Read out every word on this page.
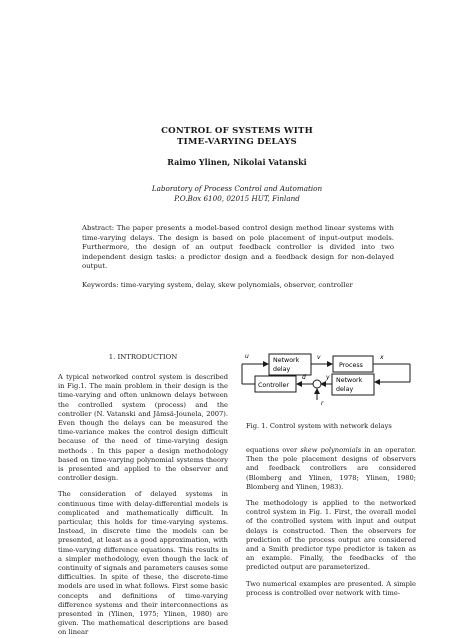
CONTROL OF SYSTEMS WITH
TIME-VARYING DELAYS
Raimo Ylinen, Nikolai Vatanski
Laboratory of Process Control and Automation
P.O.Box 6100, 02015 HUT, Finland
Abstract: The paper presents a model-based control design method linear systems with time-varying delays. The design is based on pole placement of input-output models. Furthermore, the design of an output feedback controller is divided into two independent design tasks: a predictor design and a feedback design for non-delayed output.
Keywords: time-varying system, delay, skew polynomials, observer, controller
1. INTRODUCTION

A typical networked control system is described in Fig.1. The main problem in their design is the time-varying and often unknown delays between the controlled system (process) and the controller (N. Vatanski and Jämsä-Jounela, 2007). Even though the delays can be measured the time-variance makes the control design difficult because of the need of time-varying design methods . In this paper a design methodology based on time-varying polynomial systems theory is presented and applied to the observer and controller design.

The consideration of delayed systems in continuous time with delay-differential models is complicated and mathematically difficult. In particular, this holds for time-varying systems. Instead, in discrete time the models can be presented, at least as a good approximation, with time-varying difference equations. This results in a simpler methodology, even though the lack of continuity of signals and parameters causes some difficulties. In spite of these, the discrete-time models are used in what follows. First some basic concepts and definitions of time-varying difference systems and their interconnections as presented in (Ylinen, 1975; Ylinen, 1980) are given. The mathematical descriptions are based on linear

Network
delay
Process
Network
delay
Controller
u	v	x
y
d
r
Fig. 1. Control system with network delays

equations over skew polynomials in an operator. Then the pole placement designs of observers and feedback controllers are considered (Blomberg and Ylinen, 1978; Ylinen, 1980; Blomberg and Ylinen, 1983).

The methodology is applied to the networked control system in Fig. 1. First, the overall model of the controlled system with input and output delays is constructed. Then the observers for prediction of the process output are considered and a Smith predictor type predictor is taken as an example. Finally, the feedbacks of the predicted output are parameterized.

Two numerical examples are presented. A simple process is controlled over network with time-
